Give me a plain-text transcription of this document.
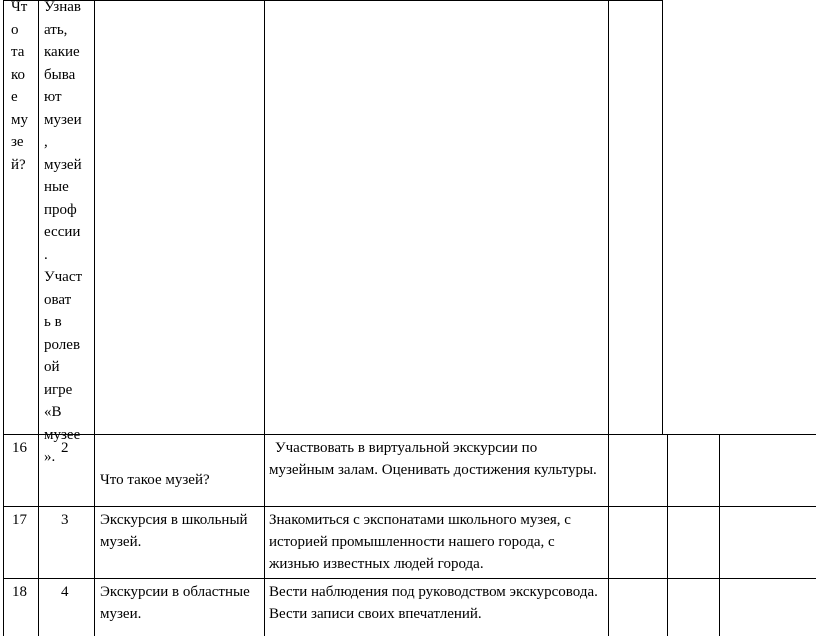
Чт
о
та
ко
е
му
зе
й?
Узнав
ать,
какие
быва
ют
музеи
,
музей
ные
проф
ессии
.
Участ
оват
ь в
ролев
ой
игре
«В
музее
».
16 2
Что такое музей?
Участвовать в виртуальной экскурсии по музейным залам. Оценивать достижения культуры.
17 3 Экскурсия в школьный музей.
Знакомиться с экспонатами школьного музея, с историей промышленности нашего города, с жизнью известных людей города.
18 4 Экскурсии в областные музеи.
Вести наблюдения под руководством экскурсовода. Вести записи своих впечатлений.
